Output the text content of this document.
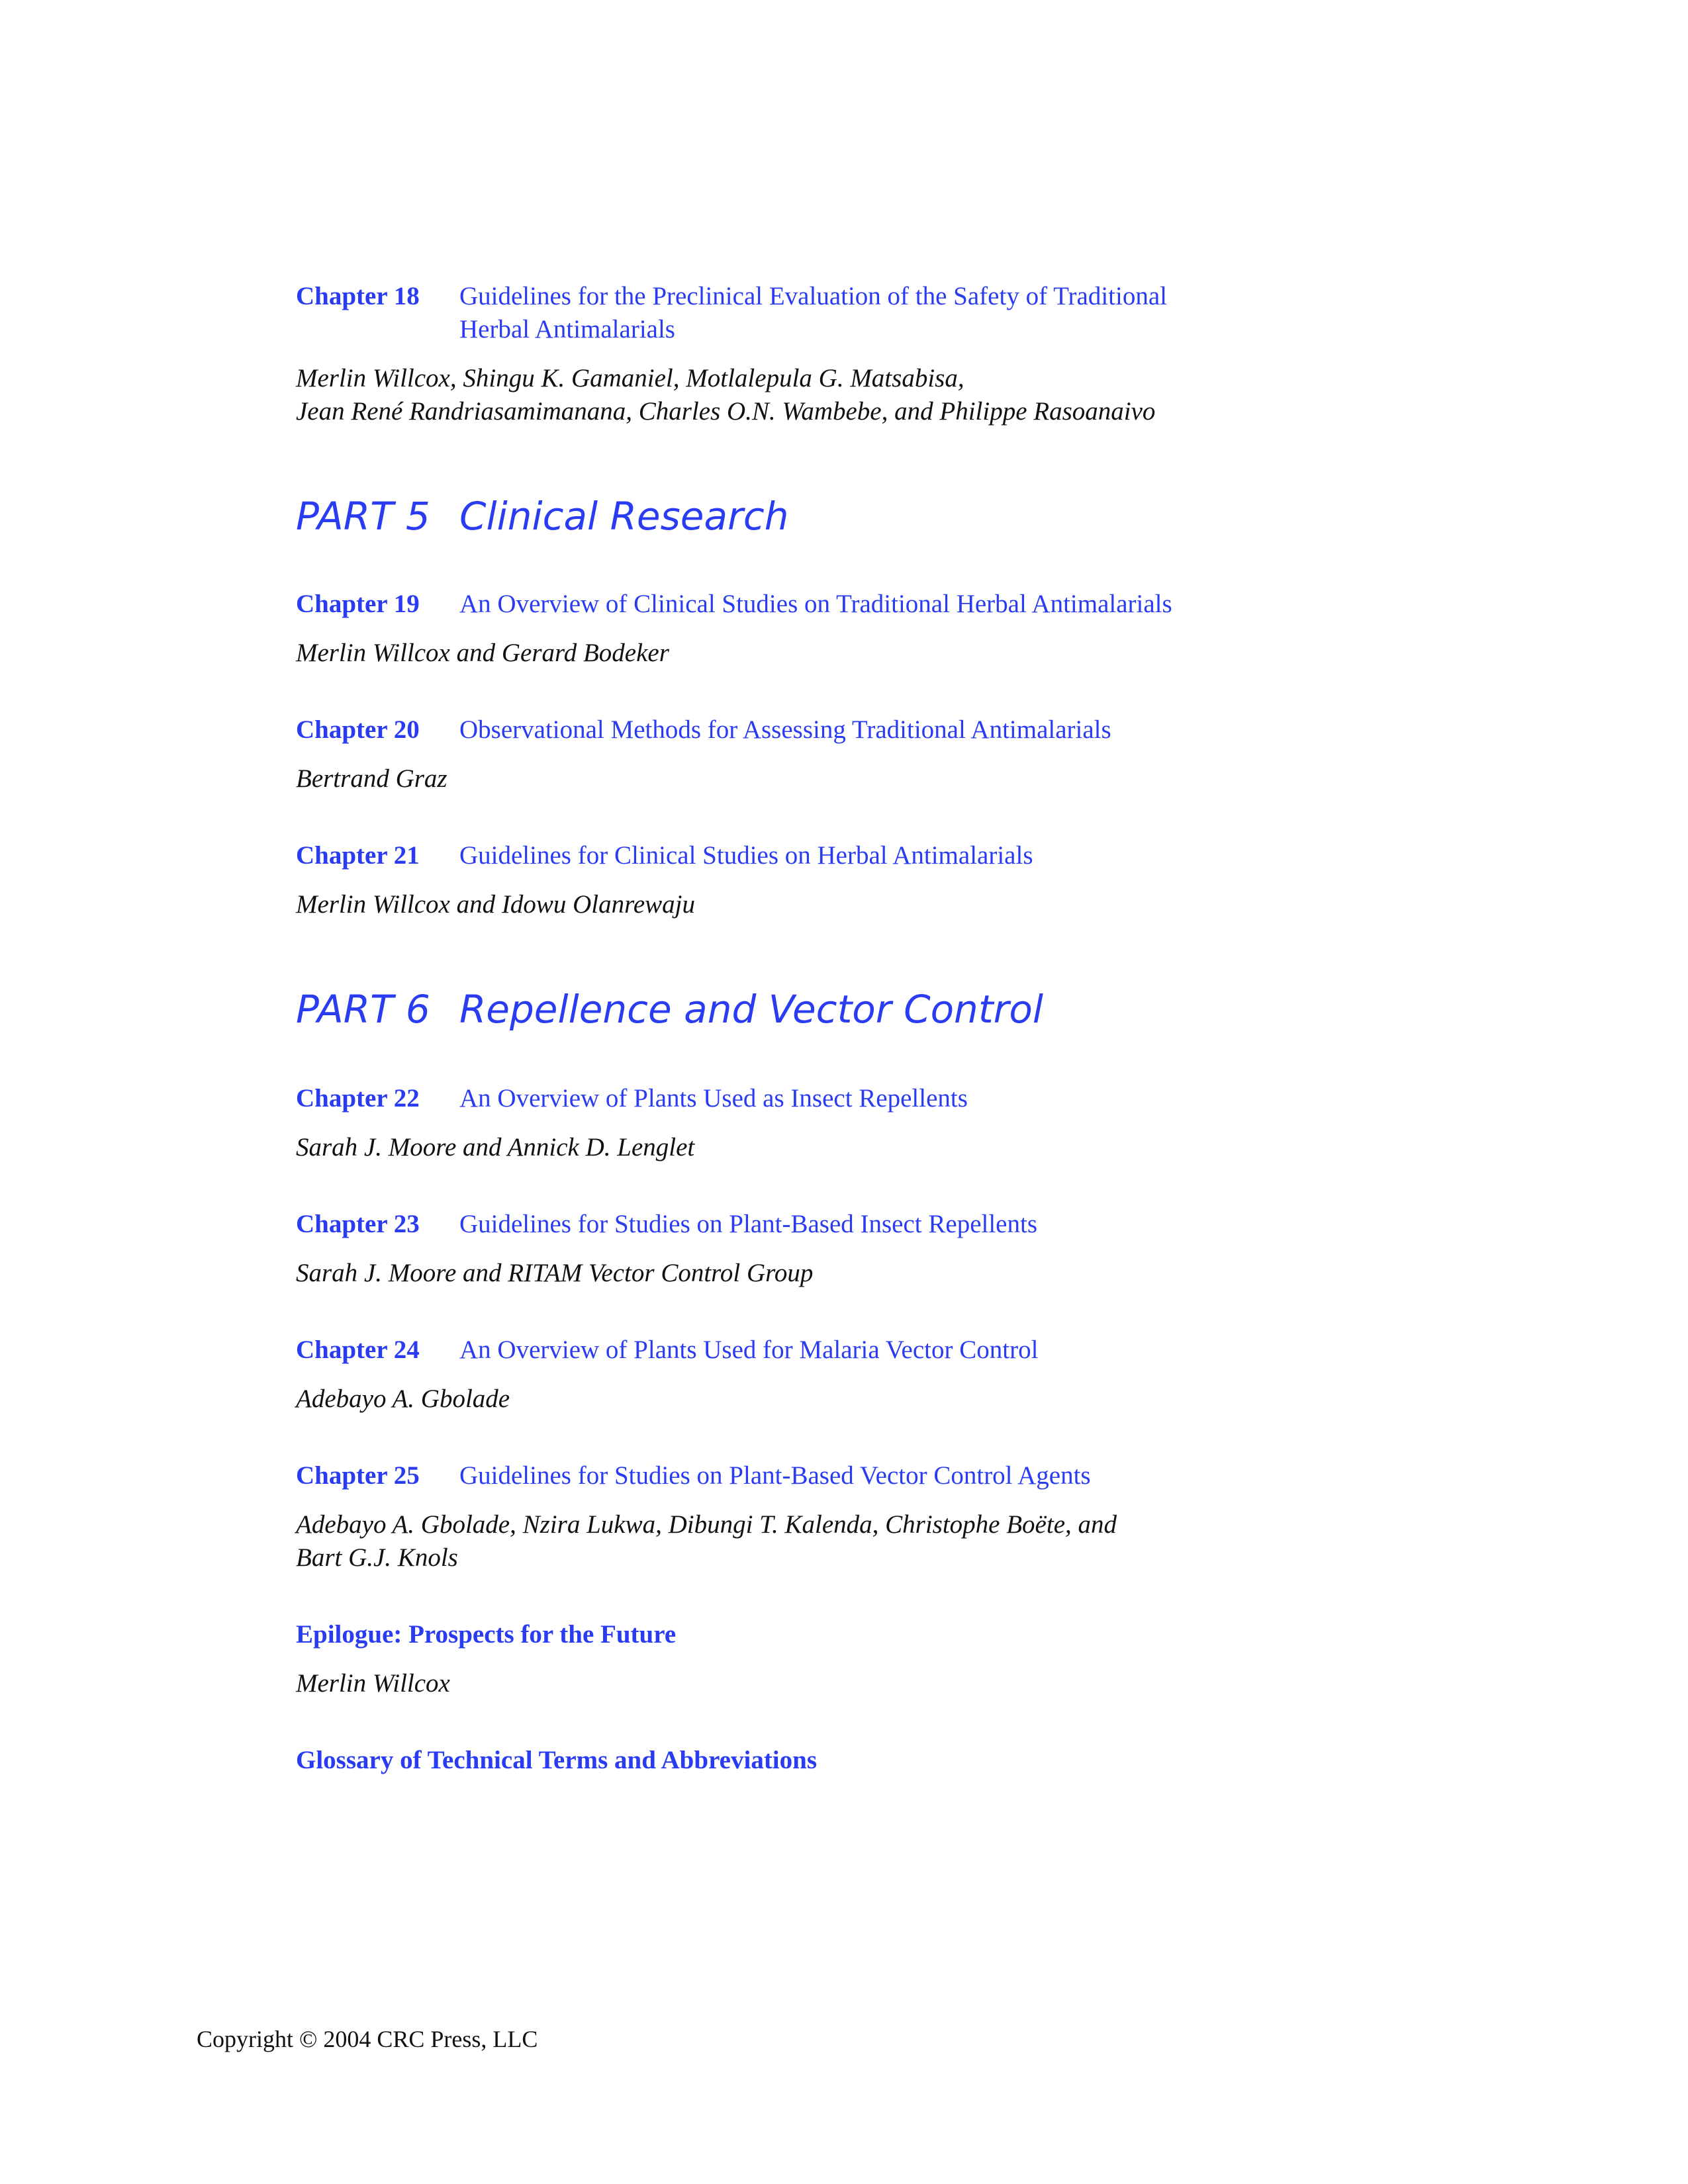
Chapter 18	Guidelines for the Preclinical Evaluation of the Safety of Traditional
Herbal Antimalarials
Merlin Willcox, Shingu K. Gamaniel, Motlalepula G. Matsabisa,
Jean René Randriasamimanana, Charles O.N. Wambebe, and Philippe Rasoanaivo
PART 5 Clinical Research
Chapter 19	An Overview of Clinical Studies on Traditional Herbal Antimalarials
Merlin Willcox and Gerard Bodeker
Chapter 20	Observational Methods for Assessing Traditional Antimalarials
Bertrand Graz
Chapter 21	Guidelines for Clinical Studies on Herbal Antimalarials
Merlin Willcox and Idowu Olanrewaju
PART 6 Repellence and Vector Control
Chapter 22	An Overview of Plants Used as Insect Repellents
Sarah J. Moore and Annick D. Lenglet
Chapter 23	Guidelines for Studies on Plant-Based Insect Repellents
Sarah J. Moore and RITAM Vector Control Group
Chapter 24	An Overview of Plants Used for Malaria Vector Control
Adebayo A. Gbolade
Chapter 25	Guidelines for Studies on Plant-Based Vector Control Agents
Adebayo A. Gbolade, Nzira Lukwa, Dibungi T. Kalenda, Christophe Boëte, and
Bart G.J. Knols
Epilogue: Prospects for the Future
Merlin Willcox
Glossary of Technical Terms and Abbreviations
Copyright © 2004 CRC Press, LLC
